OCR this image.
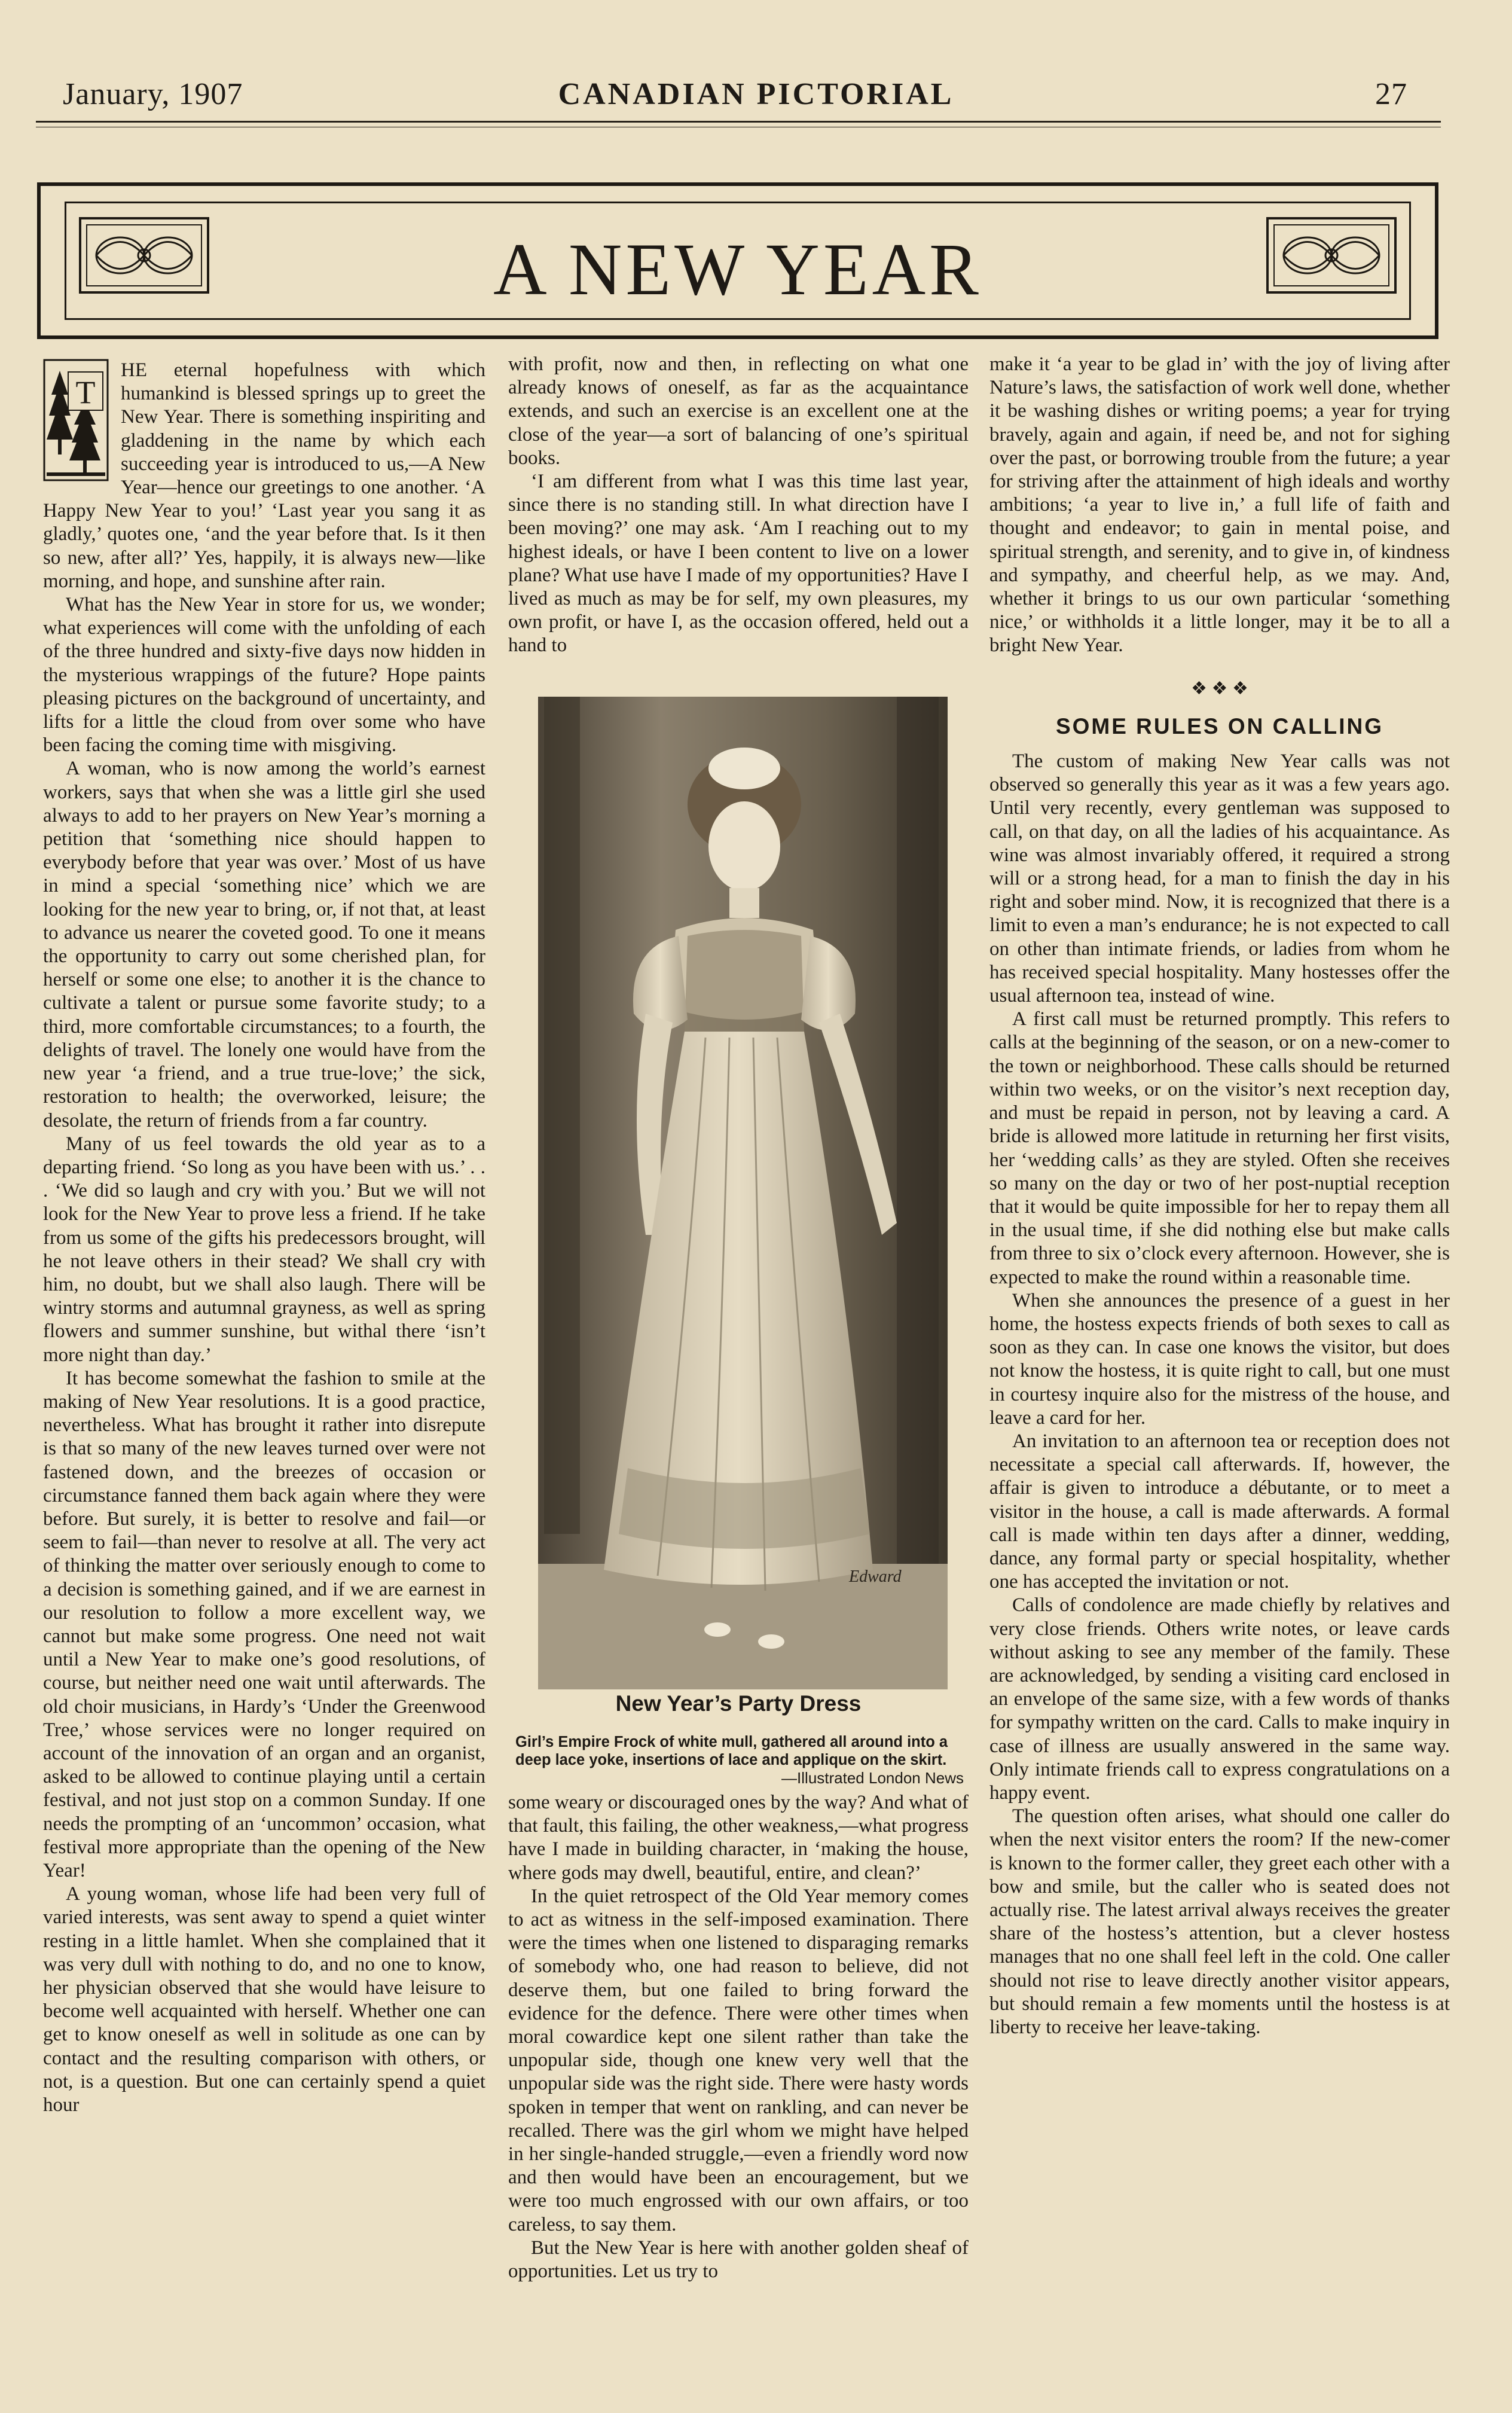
January, 1907	CANADIAN PICTORIAL	27
A NEW YEAR
T

HE eternal hopefulness with which humankind is blessed springs up to greet the New Year. There is something inspiriting and gladdening in the name by which each succeeding year is introduced to us,—A New Year—hence our greetings to one another. ‘A Happy New Year to you!’ ‘Last year you sang it as gladly,’ quotes one, ‘and the year before that. Is it then so new, after all?’ Yes, happily, it is always new—like morning, and hope, and sunshine after rain.

What has the New Year in store for us, we wonder; what experiences will come with the unfolding of each of the three hundred and sixty-five days now hidden in the mysterious wrappings of the future? Hope paints pleasing pictures on the background of uncertainty, and lifts for a little the cloud from over some who have been facing the coming time with misgiving.

A woman, who is now among the world’s earnest workers, says that when she was a little girl she used always to add to her prayers on New Year’s morning a petition that ‘something nice should happen to everybody before that year was over.’ Most of us have in mind a special ‘something nice’ which we are looking for the new year to bring, or, if not that, at least to advance us nearer the coveted good. To one it means the opportunity to carry out some cherished plan, for herself or some one else; to another it is the chance to cultivate a talent or pursue some favorite study; to a third, more comfortable circumstances; to a fourth, the delights of travel. The lonely one would have from the new year ‘a friend, and a true true-love;’ the sick, restoration to health; the overworked, leisure; the desolate, the return of friends from a far country.

Many of us feel towards the old year as to a departing friend. ‘So long as you have been with us.’ . . . ‘We did so laugh and cry with you.’ But we will not look for the New Year to prove less a friend. If he take from us some of the gifts his predecessors brought, will he not leave others in their stead? We shall cry with him, no doubt, but we shall also laugh. There will be wintry storms and autumnal grayness, as well as spring flowers and summer sunshine, but withal there ‘isn’t more night than day.’

It has become somewhat the fashion to smile at the making of New Year resolutions. It is a good practice, nevertheless. What has brought it rather into disrepute is that so many of the new leaves turned over were not fastened down, and the breezes of occasion or circumstance fanned them back again where they were before. But surely, it is better to resolve and fail—or seem to fail—than never to resolve at all. The very act of thinking the matter over seriously enough to come to a decision is something gained, and if we are earnest in our resolution to follow a more excellent way, we cannot but make some progress. One need not wait until a New Year to make one’s good resolutions, of course, but neither need one wait until afterwards. The old choir musicians, in Hardy’s ‘Under the Greenwood Tree,’ whose services were no longer required on account of the innovation of an organ and an organist, asked to be allowed to continue playing until a certain festival, and not just stop on a common Sunday. If one needs the prompting of an ‘uncommon’ occasion, what festival more appropriate than the opening of the New Year!

A young woman, whose life had been very full of varied interests, was sent away to spend a quiet winter resting in a little hamlet. When she complained that it was very dull with nothing to do, and no one to know, her physician observed that she would have leisure to become well acquainted with herself. Whether one can get to know oneself as well in solitude as one can by contact and the resulting comparison with others, or not, is a question. But one can certainly spend a quiet hour

with profit, now and then, in reflecting on what one already knows of oneself, as far as the acquaintance extends, and such an exercise is an excellent one at the close of the year—a sort of balancing of one’s spiritual books.

‘I am different from what I was this time last year, since there is no standing still. In what direction have I been moving?’ one may ask. ‘Am I reaching out to my highest ideals, or have I been content to live on a lower plane? What use have I made of my opportunities? Have I lived as much as may be for self, my own pleasures, my own profit, or have I, as the occasion offered, held out a hand to

Edward
New Year’s Party Dress
Girl’s Empire Frock of white mull, gathered all around into a deep lace yoke, insertions of lace and applique on the skirt.
—Illustrated London News

some weary or discouraged ones by the way? And what of that fault, this failing, the other weakness,—what progress have I made in building character, in ‘making the house, where gods may dwell, beautiful, entire, and clean?’

In the quiet retrospect of the Old Year memory comes to act as witness in the self-imposed examination. There were the times when one listened to disparaging remarks of somebody who, one had reason to believe, did not deserve them, but one failed to bring forward the evidence for the defence. There were other times when moral cowardice kept one silent rather than take the unpopular side, though one knew very well that the unpopular side was the right side. There were hasty words spoken in temper that went on rankling, and can never be recalled. There was the girl whom we might have helped in her single-handed struggle,—even a friendly word now and then would have been an encouragement, but we were too much engrossed with our own affairs, or too careless, to say them.

But the New Year is here with another golden sheaf of opportunities. Let us try to

make it ‘a year to be glad in’ with the joy of living after Nature’s laws, the satisfaction of work well done, whether it be washing dishes or writing poems; a year for trying bravely, again and again, if need be, and not for sighing over the past, or borrowing trouble from the future; a year for striving after the attainment of high ideals and worthy ambitions; ‘a year to live in,’ a full life of faith and thought and endeavor; to gain in mental poise, and spiritual strength, and serenity, and to give in, of kindness and sympathy, and cheerful help, as we may. And, whether it brings to us our own particular ‘something nice,’ or withholds it a little longer, may it be to all a bright New Year.

❖ ❖ ❖
SOME RULES ON CALLING

The custom of making New Year calls was not observed so generally this year as it was a few years ago. Until very recently, every gentleman was supposed to call, on that day, on all the ladies of his acquaintance. As wine was almost invariably offered, it required a strong will or a strong head, for a man to finish the day in his right and sober mind. Now, it is recognized that there is a limit to even a man’s endurance; he is not expected to call on other than intimate friends, or ladies from whom he has received special hospitality. Many hostesses offer the usual afternoon tea, instead of wine.

A first call must be returned promptly. This refers to calls at the beginning of the season, or on a new-comer to the town or neighborhood. These calls should be returned within two weeks, or on the visitor’s next reception day, and must be repaid in person, not by leaving a card. A bride is allowed more latitude in returning her first visits, her ‘wedding calls’ as they are styled. Often she receives so many on the day or two of her post-nuptial reception that it would be quite impossible for her to repay them all in the usual time, if she did nothing else but make calls from three to six o’clock every afternoon. However, she is expected to make the round within a reasonable time.

When she announces the presence of a guest in her home, the hostess expects friends of both sexes to call as soon as they can. In case one knows the visitor, but does not know the hostess, it is quite right to call, but one must in courtesy inquire also for the mistress of the house, and leave a card for her.

An invitation to an afternoon tea or reception does not necessitate a special call afterwards. If, however, the affair is given to introduce a débutante, or to meet a visitor in the house, a call is made afterwards. A formal call is made within ten days after a dinner, wedding, dance, any formal party or special hospitality, whether one has accepted the invitation or not.

Calls of condolence are made chiefly by relatives and very close friends. Others write notes, or leave cards without asking to see any member of the family. These are acknowledged, by sending a visiting card enclosed in an envelope of the same size, with a few words of thanks for sympathy written on the card. Calls to make inquiry in case of illness are usually answered in the same way. Only intimate friends call to express congratulations on a happy event.

The question often arises, what should one caller do when the next visitor enters the room? If the new-comer is known to the former caller, they greet each other with a bow and smile, but the caller who is seated does not actually rise. The latest arrival always receives the greater share of the hostess’s attention, but a clever hostess manages that no one shall feel left in the cold. One caller should not rise to leave directly another visitor appears, but should remain a few moments until the hostess is at liberty to receive her leave-taking.
